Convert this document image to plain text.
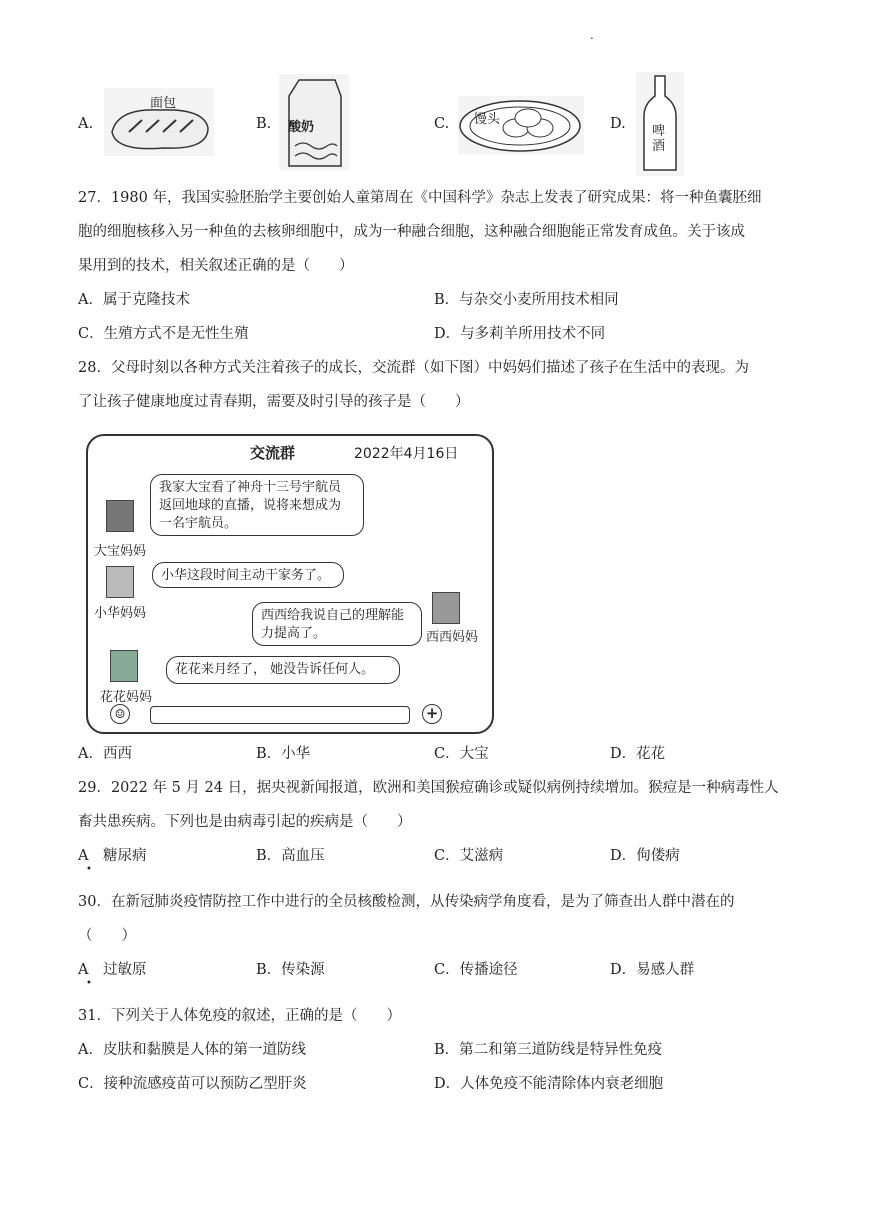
.
A.
面包
B. 酸奶	C. 馒头	D. 啤酒
27．1980 年，我国实验胚胎学主要创始人童第周在《中国科学》杂志上发表了研究成果：将一种鱼囊胚细
胞的细胞核移入另一种鱼的去核卵细胞中，成为一种融合细胞，这种融合细胞能正常发育成鱼。关于该成
果用到的技术，相关叙述正确的是（　　）
A．属于克隆技术	B．与杂交小麦所用技术相同
C．生殖方式不是无性生殖	D．与多莉羊所用技术不同
28．父母时刻以各种方式关注着孩子的成长，交流群（如下图）中妈妈们描述了孩子在生活中的表现。为
了让孩子健康地度过青春期，需要及时引导的孩子是（　　）
交流群	2022年4月16日
大宝妈妈
我家大宝看了神舟十三号宇航员
返回地球的直播，说将来想成为
一名宇航员。
小华妈妈
小华这段时间主动干家务了。
西西妈妈
西西给我说自己的理解能
力提高了。
花花妈妈
花花来月经了， 她没告诉任何人。
☺	+
A．西西	B．小华	C．大宝	D．花花
29．2022 年 5 月 24 日，据央视新闻报道，欧洲和美国猴痘确诊或疑似病例持续增加。猴痘是一种病毒性人
畜共患疾病。下列也是由病毒引起的疾病是（　　）
A　糖尿病
•
B．高血压	C．艾滋病	D．佝偻病
30．在新冠肺炎疫情防控工作中进行的全员核酸检测，从传染病学角度看，是为了筛查出人群中潜在的
（　　）
A　过敏原
•
B．传染源	C．传播途径	D．易感人群
31．下列关于人体免疫的叙述，正确的是（　　）
A．皮肤和黏膜是人体的第一道防线	B．第二和第三道防线是特异性免疫
C．接种流感疫苗可以预防乙型肝炎	D．人体免疫不能清除体内衰老细胞
